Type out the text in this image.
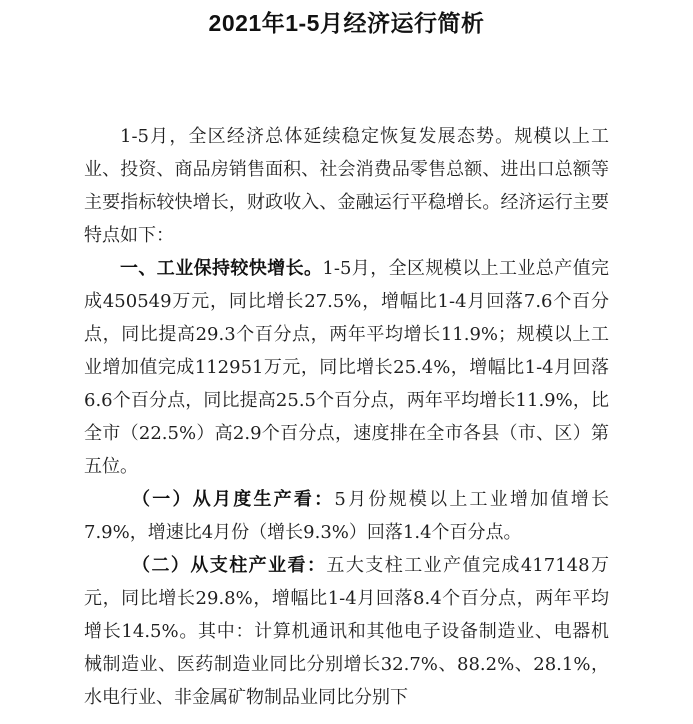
2021年1-5月经济运行简析

1-5月，全区经济总体延续稳定恢复发展态势。规模以上工业、投资、商品房销售面积、社会消费品零售总额、进出口总额等主要指标较快增长，财政收入、金融运行平稳增长。经济运行主要特点如下：

一、工业保持较快增长。1-5月，全区规模以上工业总产值完成450549万元，同比增长27.5%，增幅比1-4月回落7.6个百分点，同比提高29.3个百分点，两年平均增长11.9%；规模以上工业增加值完成112951万元，同比增长25.4%，增幅比1-4月回落6.6个百分点，同比提高25.5个百分点，两年平均增长11.9%，比全市（22.5%）高2.9个百分点，速度排在全市各县（市、区）第五位。

（一）从月度生产看：5月份规模以上工业增加值增长7.9%，增速比4月份（增长9.3%）回落1.4个百分点。

（二）从支柱产业看：五大支柱工业产值完成417148万元，同比增长29.8%，增幅比1-4月回落8.4个百分点，两年平均增长14.5%。其中：计算机通讯和其他电子设备制造业、电器机械制造业、医药制造业同比分别增长32.7%、88.2%、28.1%，水电行业、非金属矿物制品业同比分别下
